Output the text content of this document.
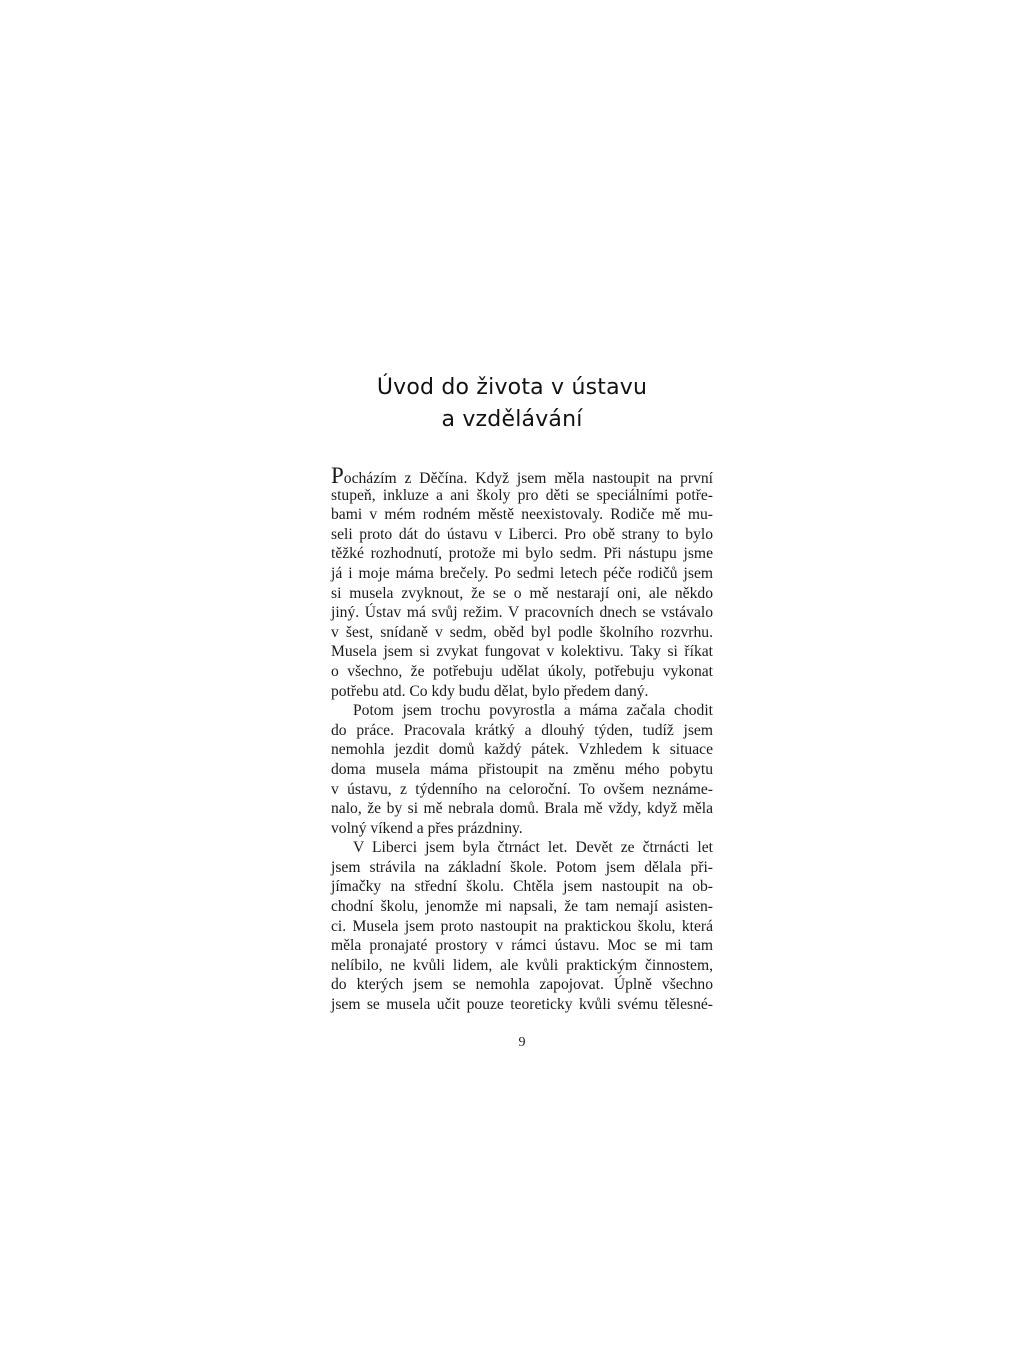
Úvod do života v ústavu
a vzdělávání
Pocházím z Děčína. Když jsem měla nastoupit na první
stupeň, inkluze a ani školy pro děti se speciálními potře-
bami v mém rodném městě neexistovaly. Rodiče mě mu-
seli proto dát do ústavu v Liberci. Pro obě strany to bylo
těžké rozhodnutí, protože mi bylo sedm. Při nástupu jsme
já i moje máma brečely. Po sedmi letech péče rodičů jsem
si musela zvyknout, že se o mě nestarají oni, ale někdo
jiný. Ústav má svůj režim. V pracovních dnech se vstávalo
v šest, snídaně v sedm, oběd byl podle školního rozvrhu.
Musela jsem si zvykat fungovat v kolektivu. Taky si říkat
o všechno, že potřebuju udělat úkoly, potřebuju vykonat
potřebu atd. Co kdy budu dělat, bylo předem daný.
Potom jsem trochu povyrostla a máma začala chodit
do práce. Pracovala krátký a dlouhý týden, tudíž jsem
nemohla jezdit domů každý pátek. Vzhledem k situace
doma musela máma přistoupit na změnu mého pobytu
v ústavu, z týdenního na celoroční. To ovšem neznáme-
nalo, že by si mě nebrala domů. Brala mě vždy, když měla
volný víkend a přes prázdniny.
V Liberci jsem byla čtrnáct let. Devět ze čtrnácti let
jsem strávila na základní škole. Potom jsem dělala při-
jímačky na střední školu. Chtěla jsem nastoupit na ob-
chodní školu, jenomže mi napsali, že tam nemají asisten-
ci. Musela jsem proto nastoupit na praktickou školu, která
měla pronajaté prostory v rámci ústavu. Moc se mi tam
nelíbilo, ne kvůli lidem, ale kvůli praktickým činnostem,
do kterých jsem se nemohla zapojovat. Úplně všechno
jsem se musela učit pouze teoreticky kvůli svému tělesné-
9
